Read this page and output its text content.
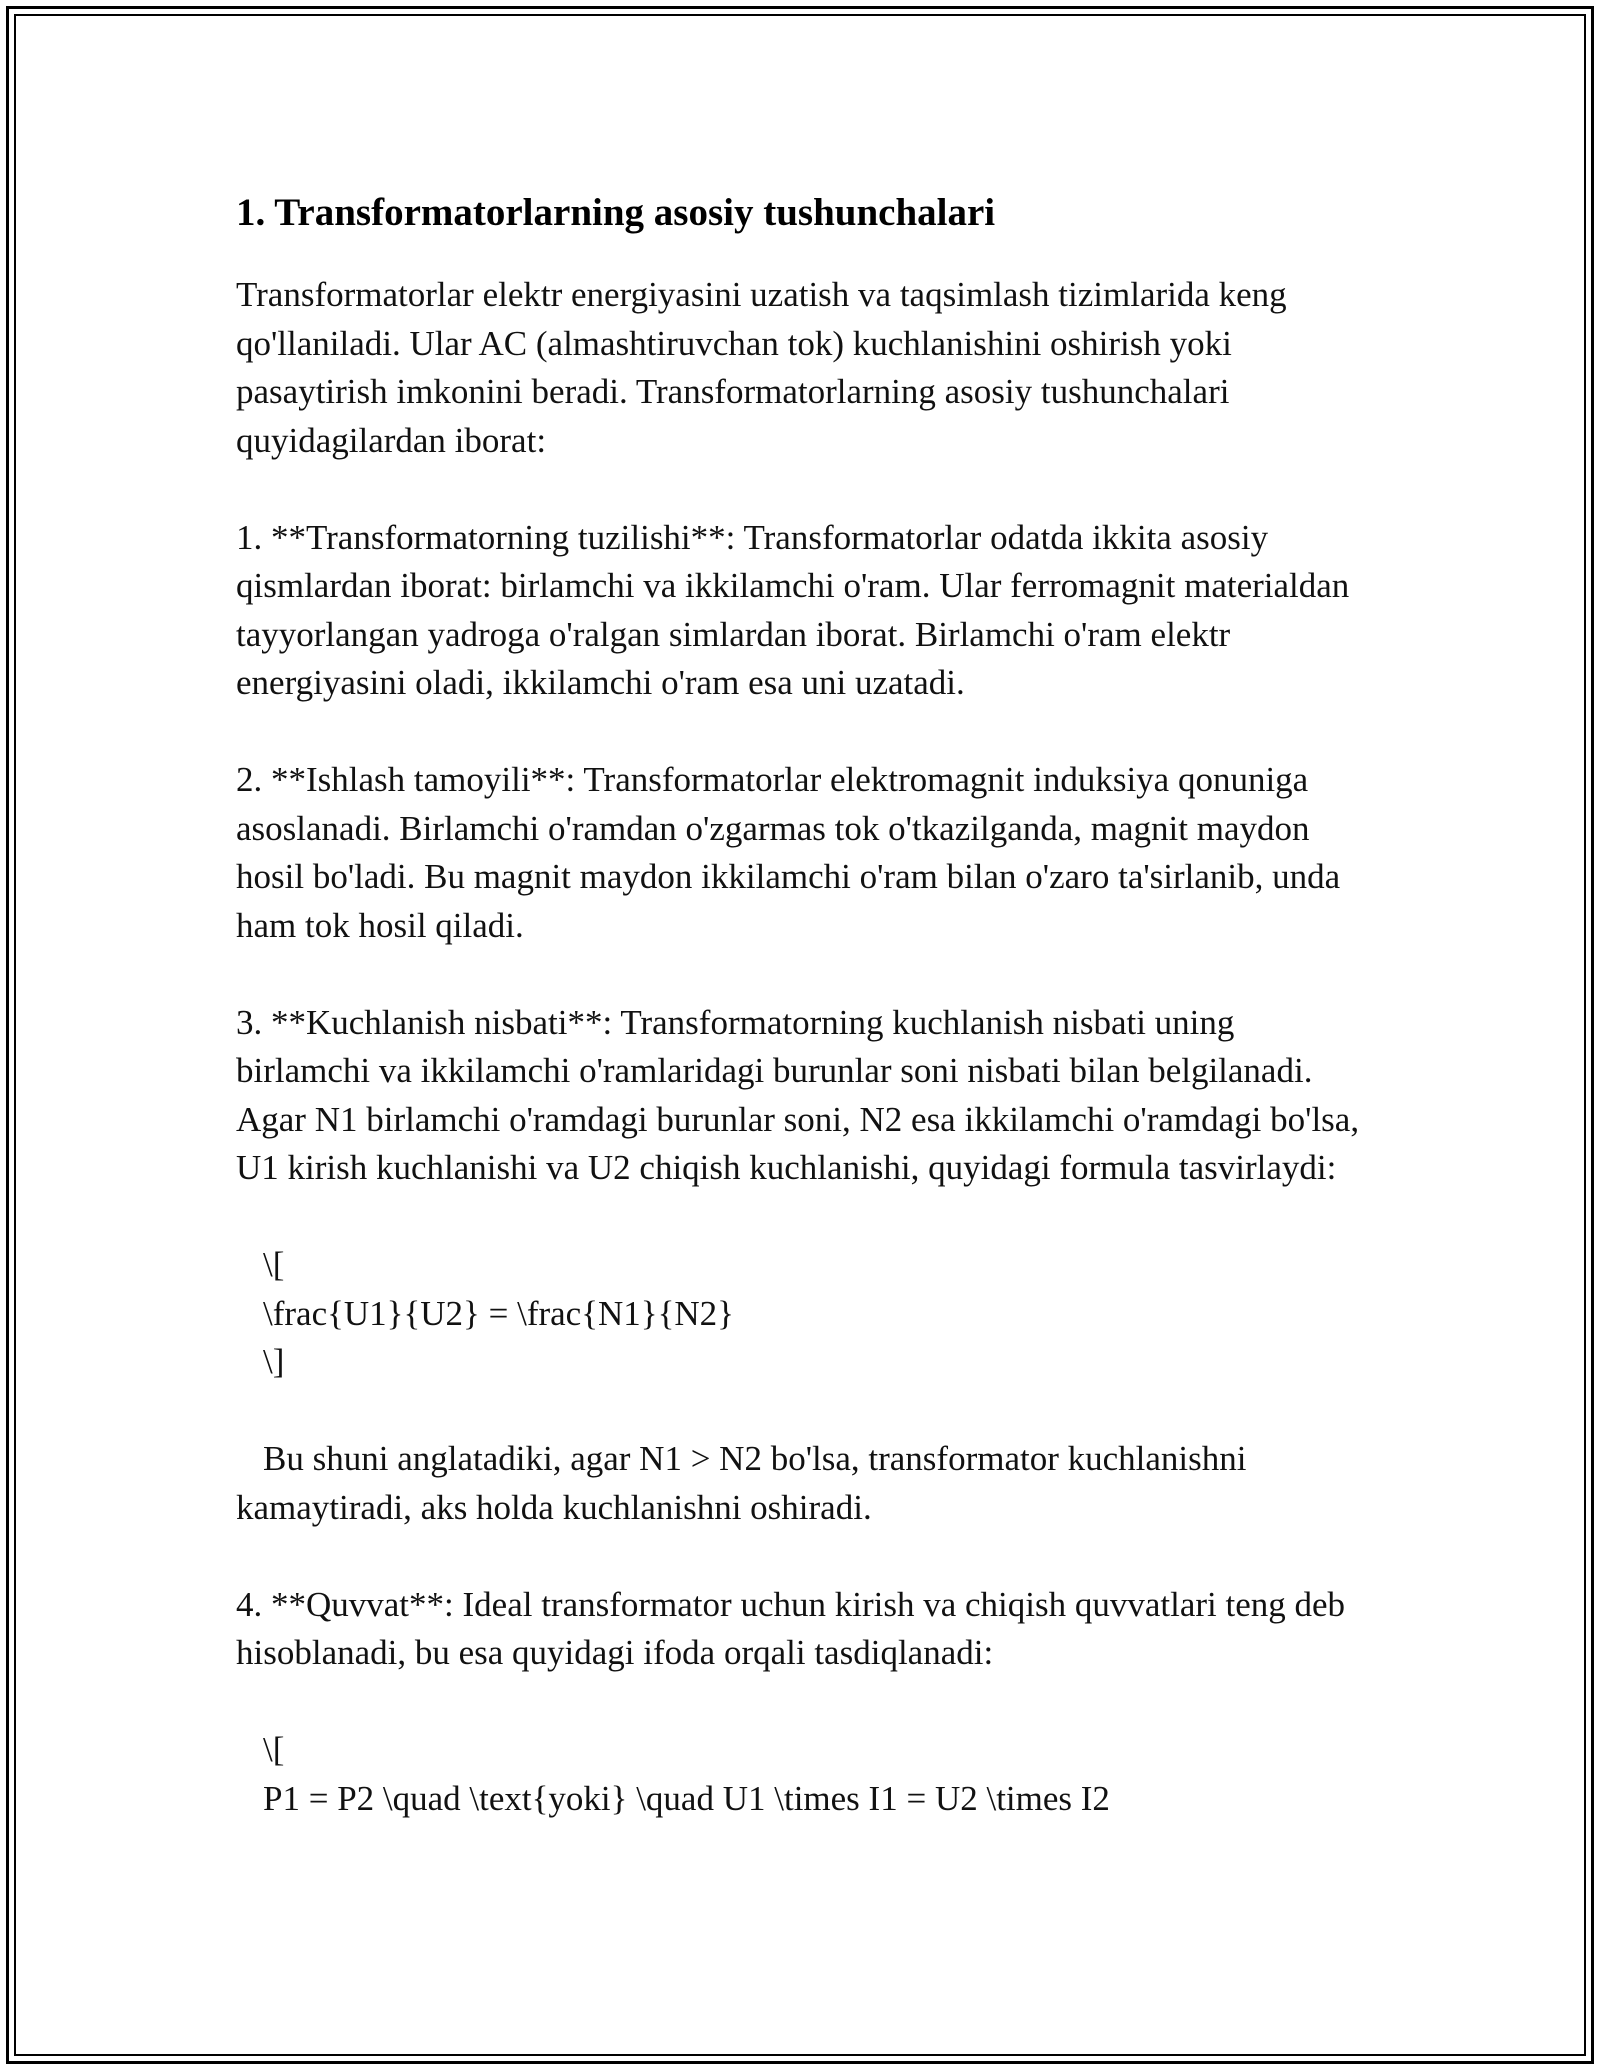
1. Transformatorlarning asosiy tushunchalari

Transformatorlar elektr energiyasini uzatish va taqsimlash tizimlarida keng qo'llaniladi. Ular AC (almashtiruvchan tok) kuchlanishini oshirish yoki pasaytirish imkonini beradi. Transformatorlarning asosiy tushunchalari quyidagilardan iborat:

1. **Transformatorning tuzilishi**: Transformatorlar odatda ikkita asosiy qismlardan iborat: birlamchi va ikkilamchi o'ram. Ular ferromagnit materialdan tayyorlangan yadroga o'ralgan simlardan iborat. Birlamchi o'ram elektr energiyasini oladi, ikkilamchi o'ram esa uni uzatadi.

2. **Ishlash tamoyili**: Transformatorlar elektromagnit induksiya qonuniga asoslanadi. Birlamchi o'ramdan o'zgarmas tok o'tkazilganda, magnit maydon hosil bo'ladi. Bu magnit maydon ikkilamchi o'ram bilan o'zaro ta'sirlanib, unda ham tok hosil qiladi.

3. **Kuchlanish nisbati**: Transformatorning kuchlanish nisbati uning birlamchi va ikkilamchi o'ramlaridagi burunlar soni nisbati bilan belgilanadi. Agar N1 birlamchi o'ramdagi burunlar soni, N2 esa ikkilamchi o'ramdagi bo'lsa, U1 kirish kuchlanishi va U2 chiqish kuchlanishi, quyidagi formula tasvirlaydi:

\[
\frac{U1}{U2} = \frac{N1}{N2}
\]

Bu shuni anglatadiki, agar N1 > N2 bo'lsa, transformator kuchlanishni kamaytiradi, aks holda kuchlanishni oshiradi.

4. **Quvvat**: Ideal transformator uchun kirish va chiqish quvvatlari teng deb hisoblanadi, bu esa quyidagi ifoda orqali tasdiqlanadi:

\[
P1 = P2 \quad \text{yoki} \quad U1 \times I1 = U2 \times I2
